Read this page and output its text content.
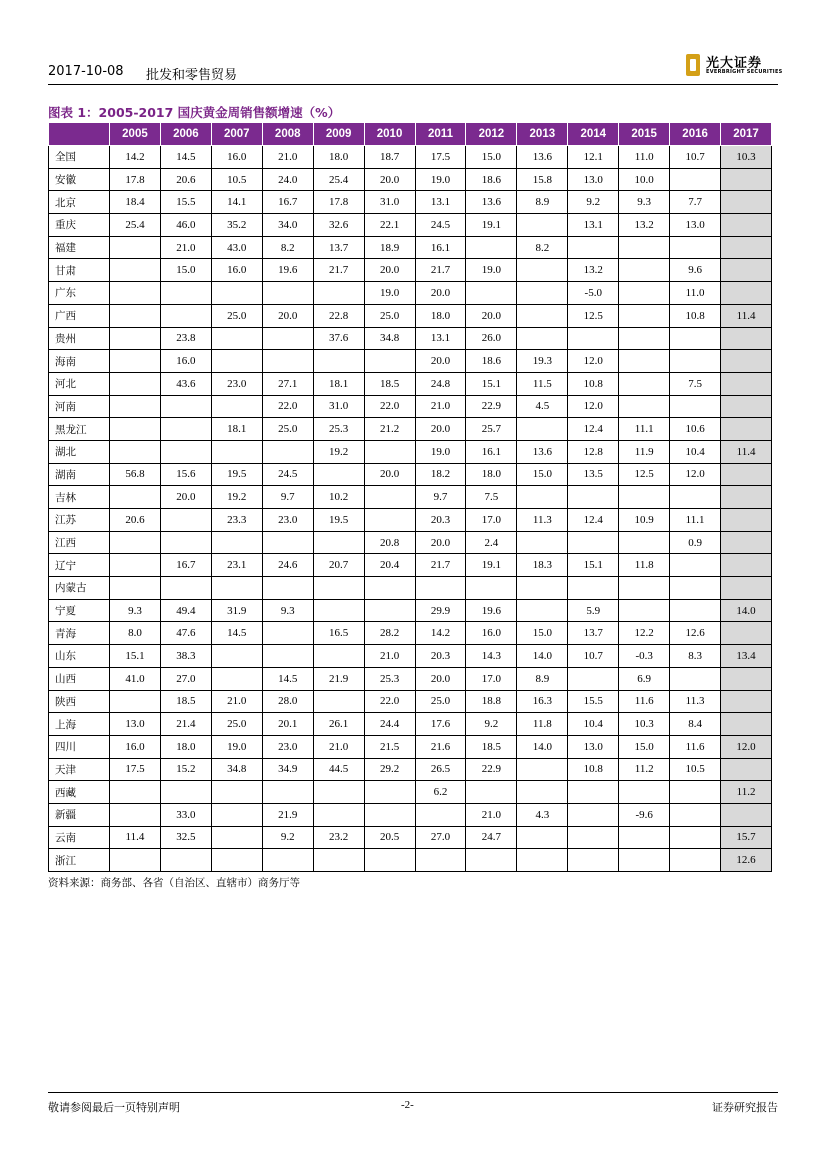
2017-10-08 批发和零售贸易
光大证券
EVERBRIGHT SECURITIES
图表 1：2005-2017 国庆黄金周销售额增速（%）
	2005	2006	2007	2008	2009	2010	2011	2012	2013	2014	2015	2016	2017
全国	14.2	14.5	16.0	21.0	18.0	18.7	17.5	15.0	13.6	12.1	11.0	10.7	10.3
安徽	17.8	20.6	10.5	24.0	25.4	20.0	19.0	18.6	15.8	13.0	10.0		
北京	18.4	15.5	14.1	16.7	17.8	31.0	13.1	13.6	8.9	9.2	9.3	7.7	
重庆	25.4	46.0	35.2	34.0	32.6	22.1	24.5	19.1		13.1	13.2	13.0	
福建		21.0	43.0	8.2	13.7	18.9	16.1		8.2				
甘肃		15.0	16.0	19.6	21.7	20.0	21.7	19.0		13.2		9.6	
广东						19.0	20.0			-5.0		11.0	
广西			25.0	20.0	22.8	25.0	18.0	20.0		12.5		10.8	11.4
贵州		23.8			37.6	34.8	13.1	26.0					
海南		16.0					20.0	18.6	19.3	12.0			
河北		43.6	23.0	27.1	18.1	18.5	24.8	15.1	11.5	10.8		7.5	
河南				22.0	31.0	22.0	21.0	22.9	4.5	12.0			
黑龙江			18.1	25.0	25.3	21.2	20.0	25.7		12.4	11.1	10.6	
湖北					19.2		19.0	16.1	13.6	12.8	11.9	10.4	11.4
湖南	56.8	15.6	19.5	24.5		20.0	18.2	18.0	15.0	13.5	12.5	12.0	
吉林		20.0	19.2	9.7	10.2		9.7	7.5					
江苏	20.6		23.3	23.0	19.5		20.3	17.0	11.3	12.4	10.9	11.1	
江西						20.8	20.0	2.4				0.9	
辽宁		16.7	23.1	24.6	20.7	20.4	21.7	19.1	18.3	15.1	11.8		
内蒙古													
宁夏	9.3	49.4	31.9	9.3			29.9	19.6		5.9			14.0
青海	8.0	47.6	14.5		16.5	28.2	14.2	16.0	15.0	13.7	12.2	12.6	
山东	15.1	38.3				21.0	20.3	14.3	14.0	10.7	-0.3	8.3	13.4
山西	41.0	27.0		14.5	21.9	25.3	20.0	17.0	8.9		6.9		
陕西		18.5	21.0	28.0		22.0	25.0	18.8	16.3	15.5	11.6	11.3	
上海	13.0	21.4	25.0	20.1	26.1	24.4	17.6	9.2	11.8	10.4	10.3	8.4	
四川	16.0	18.0	19.0	23.0	21.0	21.5	21.6	18.5	14.0	13.0	15.0	11.6	12.0
天津	17.5	15.2	34.8	34.9	44.5	29.2	26.5	22.9		10.8	11.2	10.5	
西藏							6.2						11.2
新疆		33.0		21.9				21.0	4.3		-9.6		
云南	11.4	32.5		9.2	23.2	20.5	27.0	24.7					15.7
浙江													12.6
资料来源：商务部、各省（自治区、直辖市）商务厅等
敬请参阅最后一页特别声明	-2-	证券研究报告
